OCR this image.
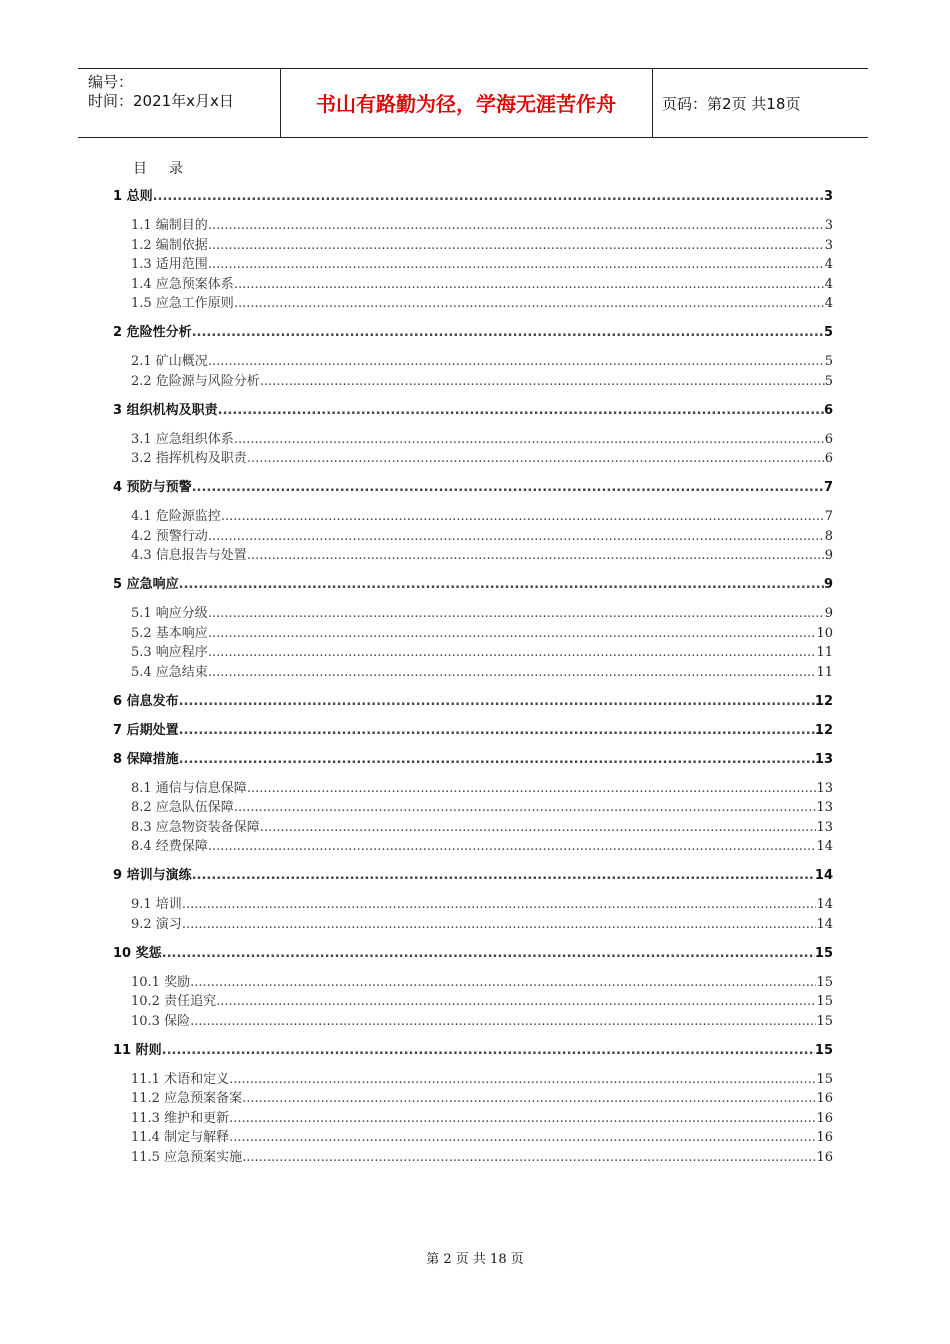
编号：
时间：2021年x月x日	书山有路勤为径，学海无涯苦作舟	页码：第2页 共18页
目 录
1 总则 .....	3
1.1 编制目的 .....	3
1.2 编制依据 .....	3
1.3 适用范围 .....	4
1.4 应急预案体系 .....	4
1.5 应急工作原则 .....	4
2 危险性分析 .....	5
2.1 矿山概况 .....	5
2.2 危险源与风险分析 .....	5
3 组织机构及职责 .....	6
3.1 应急组织体系 .....	6
3.2 指挥机构及职责 .....	6
4 预防与预警 .....	7
4.1 危险源监控 .....	7
4.2 预警行动 .....	8
4.3 信息报告与处置 .....	9
5 应急响应 .....	9
5.1 响应分级 .....	9
5.2 基本响应 .....	10
5.3 响应程序 .....	11
5.4 应急结束 .....	11
6 信息发布 .....	12
7 后期处置 .....	12
8 保障措施 .....	13
8.1 通信与信息保障 .....	13
8.2 应急队伍保障 .....	13
8.3 应急物资装备保障 .....	13
8.4 经费保障 .....	14
9 培训与演练 .....	14
9.1 培训 .....	14
9.2 演习 .....	14
10 奖惩 .....	15
10.1 奖励 .....	15
10.2 责任追究 .....	15
10.3 保险 .....	15
11 附则 .....	15
11.1 术语和定义 .....	15
11.2 应急预案备案 .....	16
11.3 维护和更新 .....	16
11.4 制定与解释 .....	16
11.5 应急预案实施 .....	16
第 2 页 共 18 页
